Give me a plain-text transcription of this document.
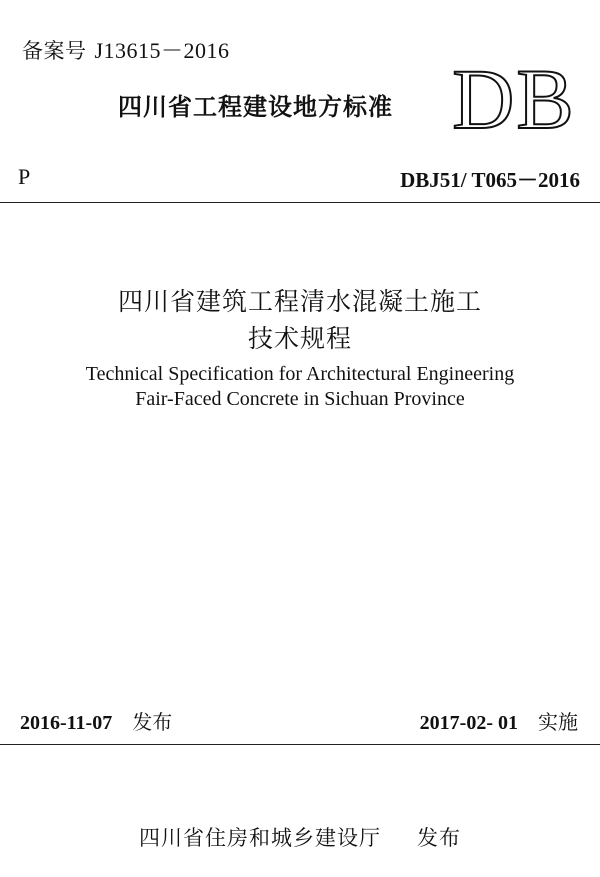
备案号 J13615－2016
四川省工程建设地方标准 DB
P	DBJ51/ T065－2016
四川省建筑工程清水混凝土施工
技术规程
Technical Specification for Architectural Engineering
Fair-Faced Concrete in Sichuan Province
2016-11-07 发布	2017-02- 01 实施
四川省住房和城乡建设厅 发布
